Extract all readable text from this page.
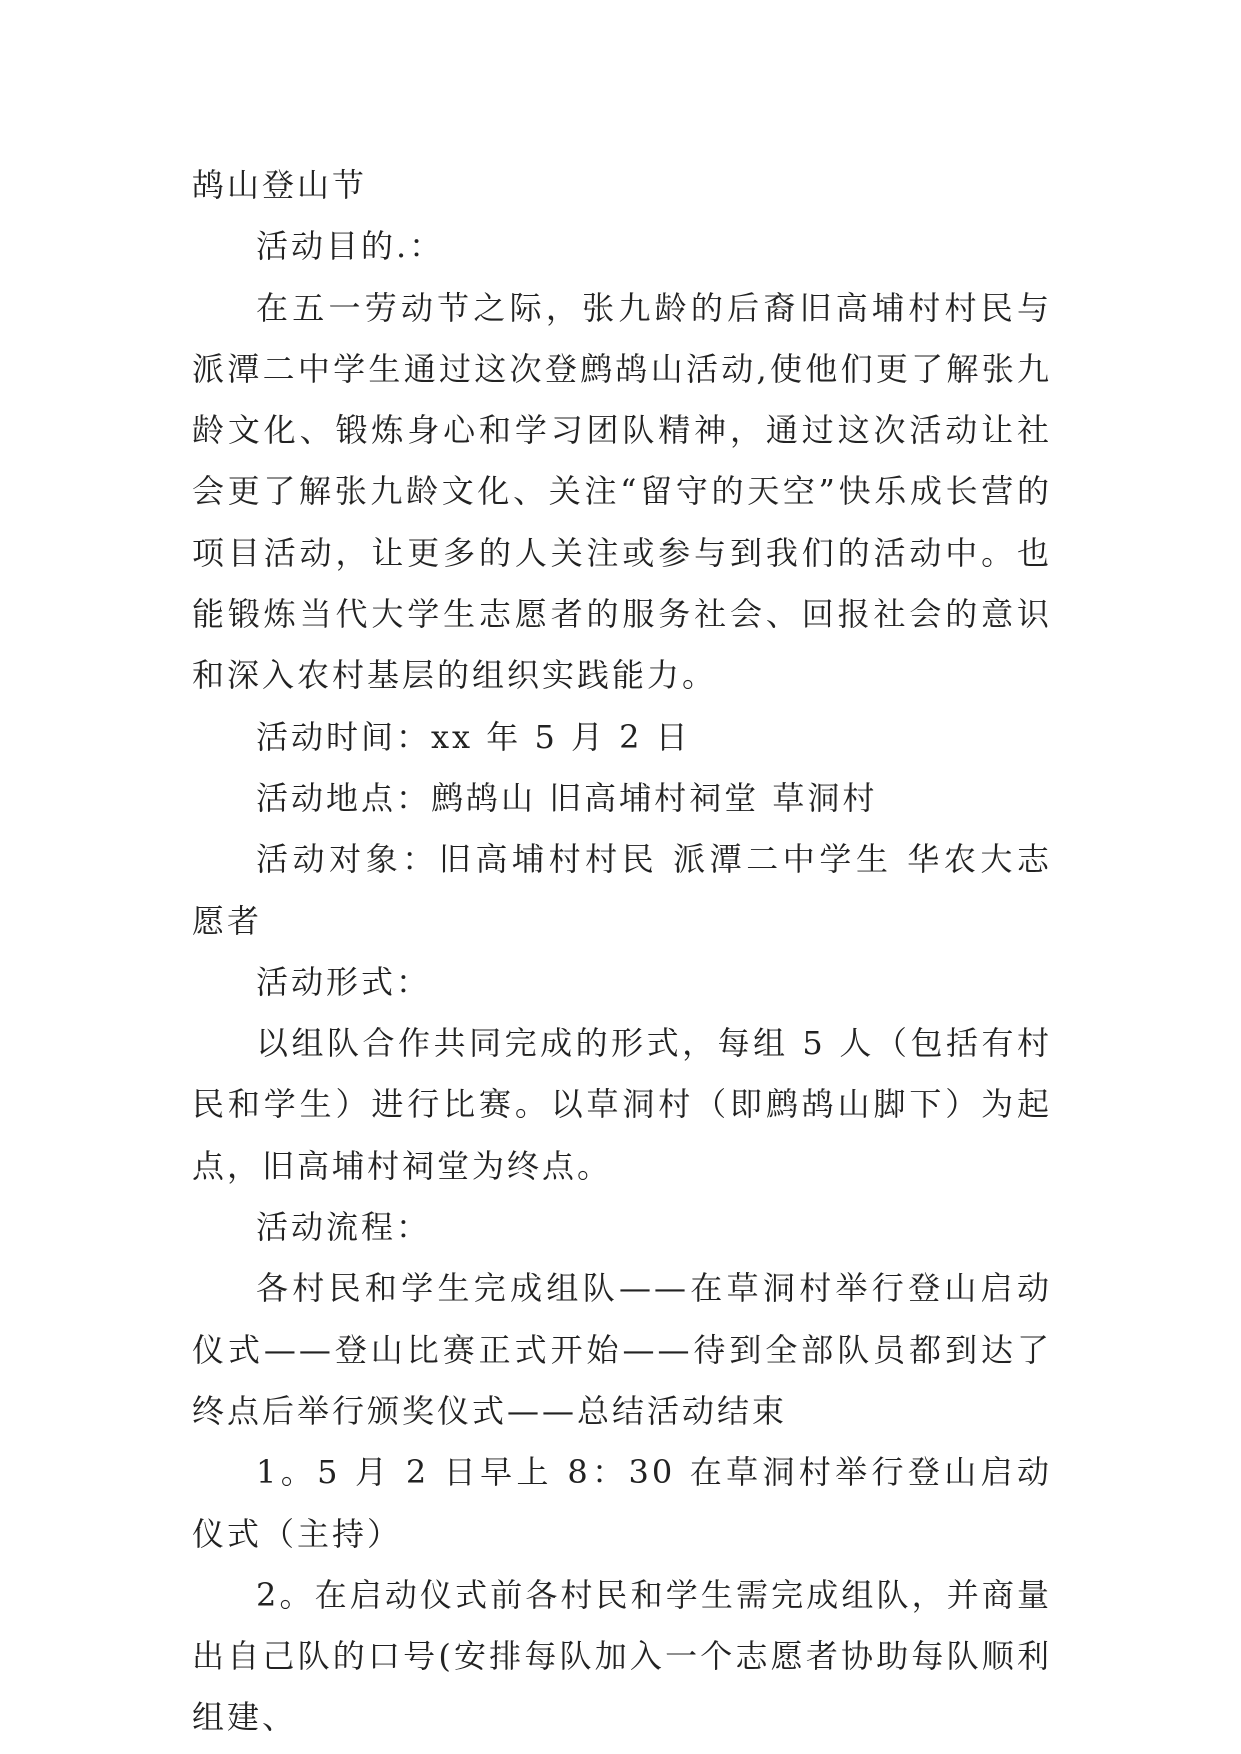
鸪山登山节

活动目的.：

在五一劳动节之际，张九龄的后裔旧高埔村村民与派潭二中学生通过这次登鹧鸪山活动,使他们更了解张九龄文化、锻炼身心和学习团队精神，通过这次活动让社会更了解张九龄文化、关注“留守的天空”快乐成长营的项目活动，让更多的人关注或参与到我们的活动中。也能锻炼当代大学生志愿者的服务社会、回报社会的意识和深入农村基层的组织实践能力。

活动时间：xx 年 5 月 2 日

活动地点：鹧鸪山 旧高埔村祠堂 草洞村

活动对象：旧高埔村村民 派潭二中学生 华农大志愿者

活动形式：

以组队合作共同完成的形式，每组 5 人（包括有村民和学生）进行比赛。以草洞村（即鹧鸪山脚下）为起点，旧高埔村祠堂为终点。

活动流程：

各村民和学生完成组队——在草洞村举行登山启动仪式——登山比赛正式开始——待到全部队员都到达了终点后举行颁奖仪式——总结活动结束

1。5 月 2 日早上 8：30 在草洞村举行登山启动仪式（主持）

2。在启动仪式前各村民和学生需完成组队，并商量出自己队的口号(安排每队加入一个志愿者协助每队顺利组建、
